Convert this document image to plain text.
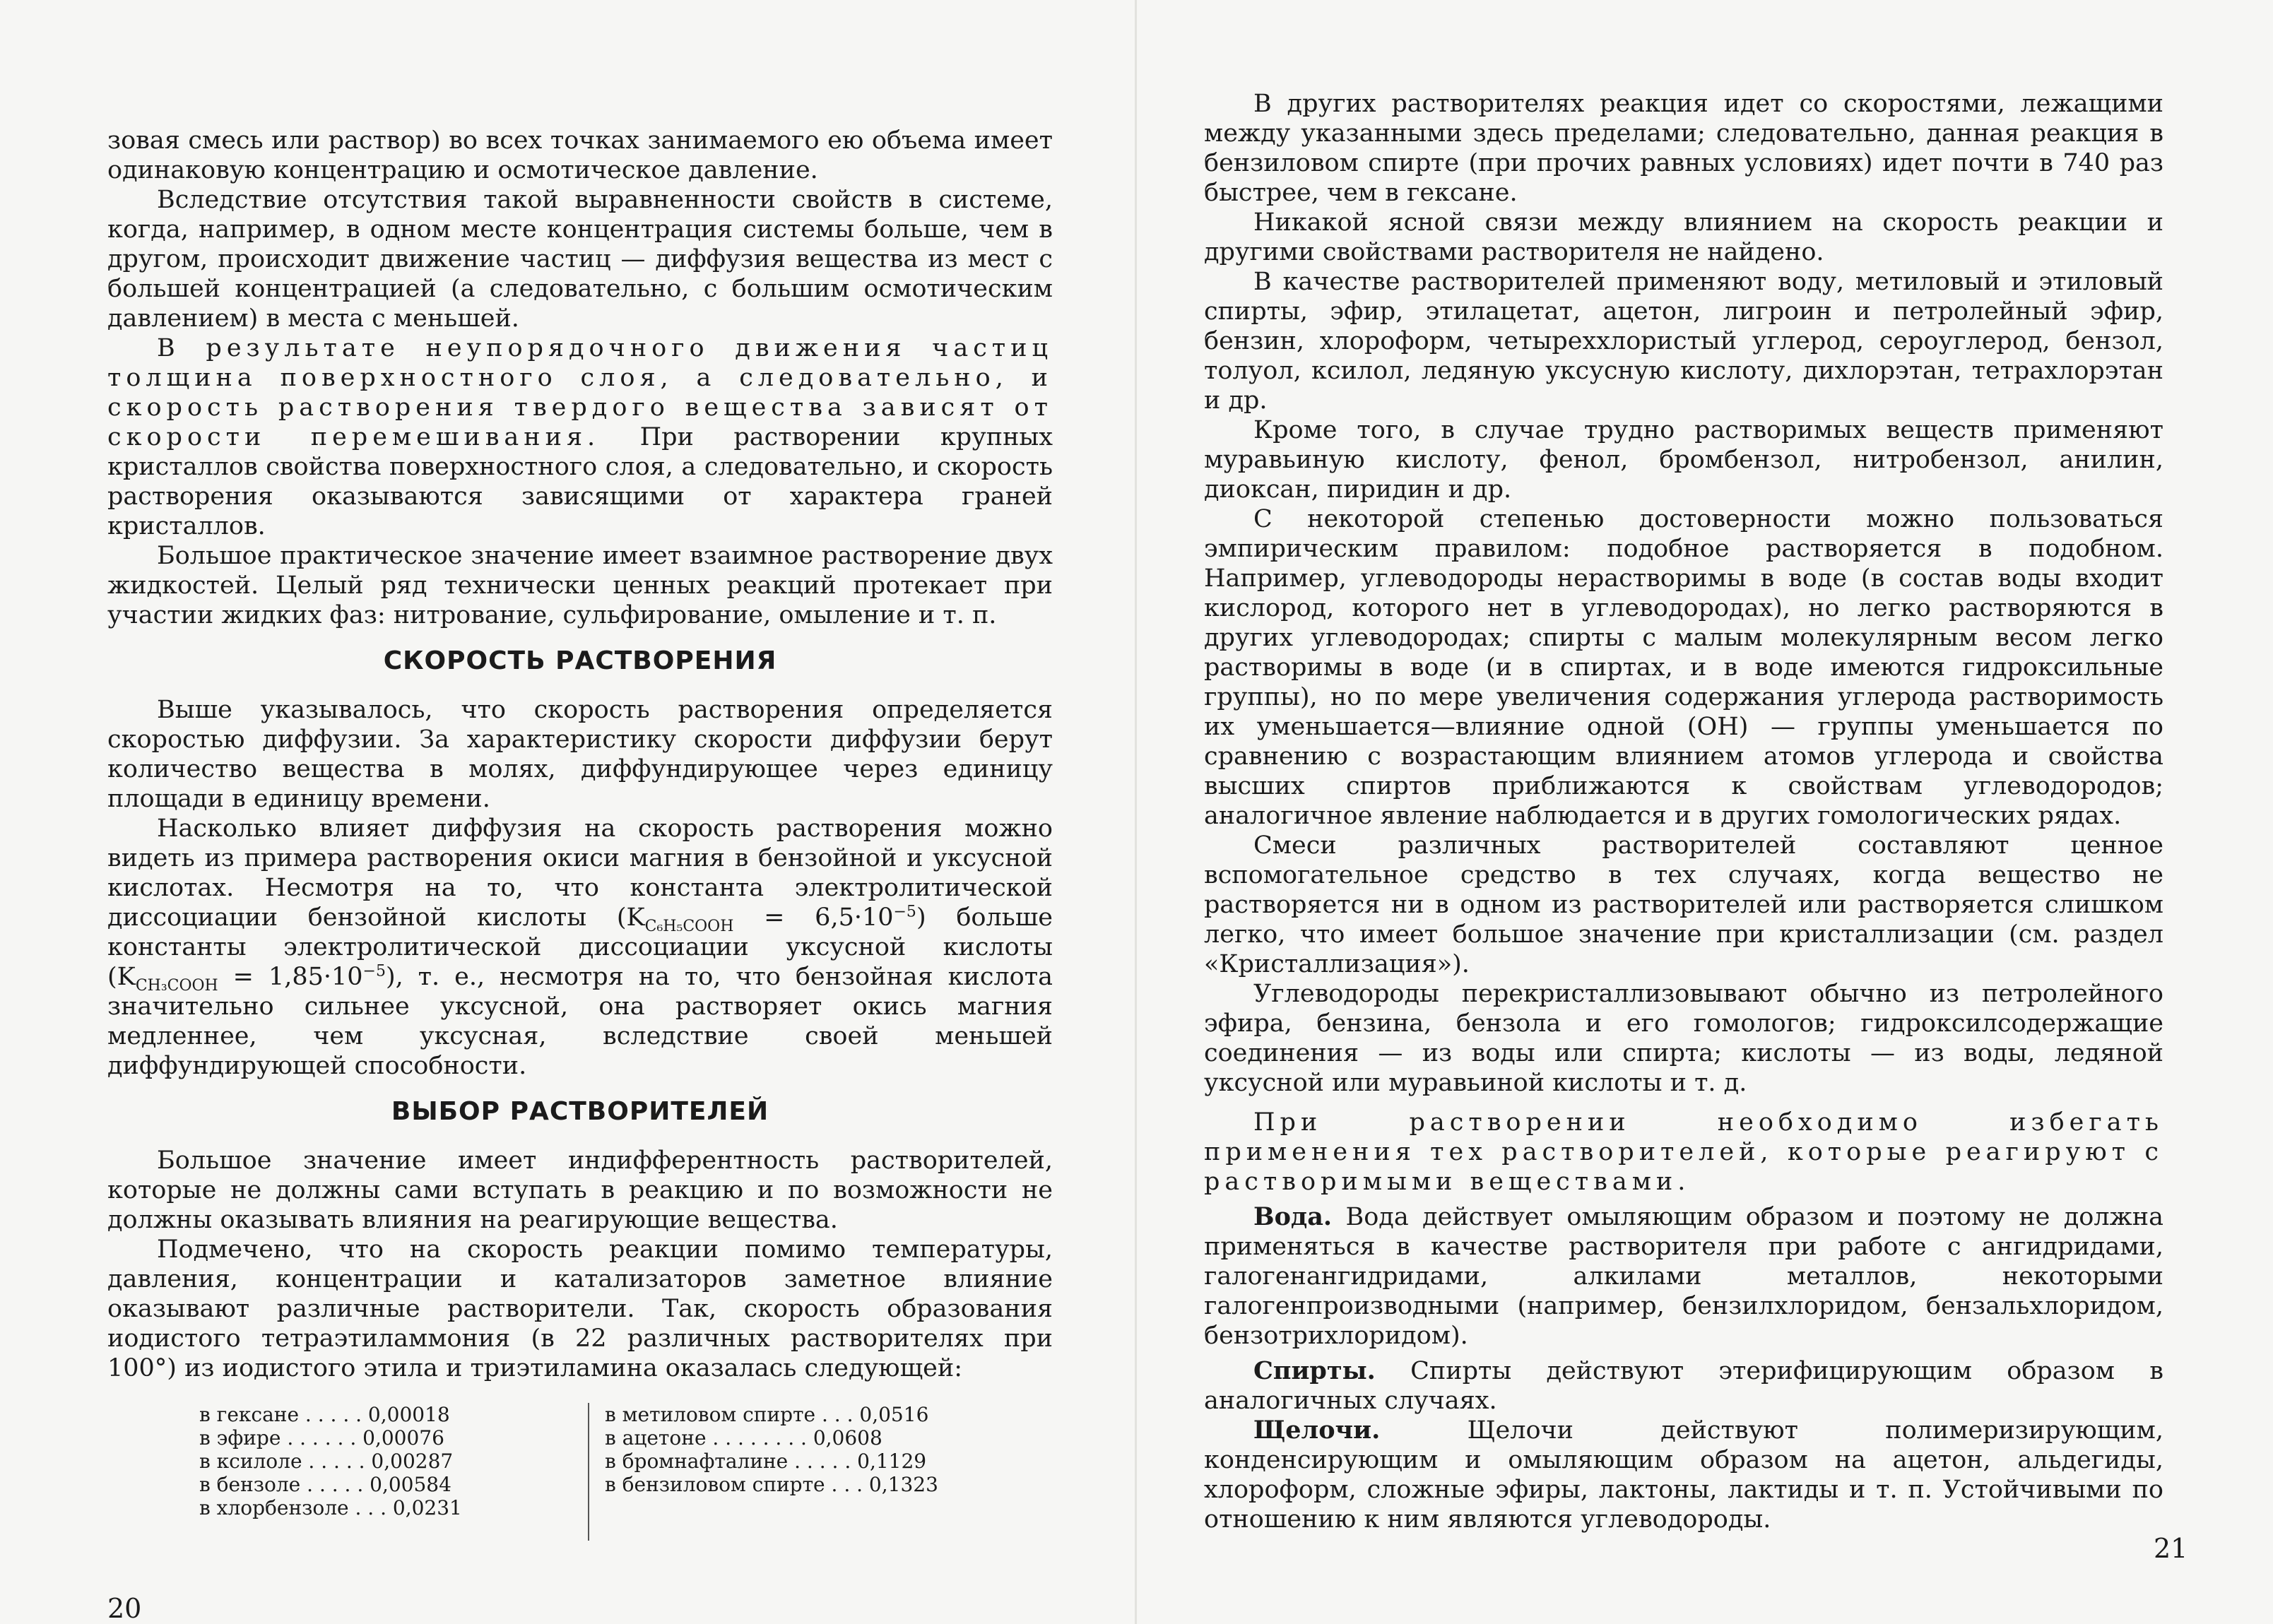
зовая смесь или раствор) во всех точках занимаемого ею объема имеет одинаковую концентрацию и осмотическое давление.

Вследствие отсутствия такой выравненности свойств в системе, когда, например, в одном месте концентрация системы больше, чем в другом, происходит движение частиц — диффузия вещества из мест с большей концентрацией (а следовательно, с большим осмотическим давлением) в места с меньшей.

В результате неупорядочного движения частиц толщина поверхностного слоя, а следовательно, и скорость растворения твердого вещества зависят от скорости перемешивания. При растворении крупных кристаллов свойства поверхностного слоя, а следовательно, и скорость растворения оказываются зависящими от характера граней кристаллов.

Большое практическое значение имеет взаимное растворение двух жидкостей. Целый ряд технически ценных реакций протекает при участии жидких фаз: нитрование, сульфирование, омыление и т. п.

СКОРОСТЬ РАСТВОРЕНИЯ

Выше указывалось, что скорость растворения определяется скоростью диффузии. За характеристику скорости диффузии берут количество вещества в молях, диффундирующее через единицу площади в единицу времени.

Насколько влияет диффузия на скорость растворения можно видеть из примера растворения окиси магния в бензойной и уксусной кислотах. Несмотря на то, что константа электролитической диссоциации бензойной кислоты $(K_{C_6H_5COOH} = 6,5\cdot 10^{-5})$ больше константы электролитической диссоциации уксусной кислоты $(K_{CH_3COOH} = 1,85\cdot 10^{-5})$, т. е., несмотря на то, что бензойная кислота значительно сильнее уксусной, она растворяет окись магния медленнее, чем уксусная, вследствие своей меньшей диффундирующей способности.

ВЫБОР РАСТВОРИТЕЛЕЙ

Большое значение имеет индифферентность растворителей, которые не должны сами вступать в реакцию и по возможности не должны оказывать влияния на реагирующие вещества.

Подмечено, что на скорость реакции помимо температуры, давления, концентрации и катализаторов заметное влияние оказывают различные растворители. Так, скорость образования иодистого тетраэтиламмония (в 22 различных растворителях при 100°) из иодистого этила и триэтиламина оказалась следующей:

в гексане . . . . . 0,00018
в эфире . . . . . . 0,00076
в ксилоле . . . . . 0,00287
в бензоле . . . . . 0,00584
в хлорбензоле . . . 0,0231
в метиловом спирте . . . 0,0516
в ацетоне . . . . . . . . 0,0608
в бромнафталине . . . . . 0,1129
в бензиловом спирте . . . 0,1323
20

В других растворителях реакция идет со скоростями, лежащими между указанными здесь пределами; следовательно, данная реакция в бензиловом спирте (при прочих равных условиях) идет почти в 740 раз быстрее, чем в гексане.

Никакой ясной связи между влиянием на скорость реакции и другими свойствами растворителя не найдено.

В качестве растворителей применяют воду, метиловый и этиловый спирты, эфир, этилацетат, ацетон, лигроин и петролейный эфир, бензин, хлороформ, четыреххлористый углерод, сероуглерод, бензол, толуол, ксилол, ледяную уксусную кислоту, дихлорэтан, тетрахлорэтан и др.

Кроме того, в случае трудно растворимых веществ применяют муравьиную кислоту, фенол, бромбензол, нитробензол, анилин, диоксан, пиридин и др.

С некоторой степенью достоверности можно пользоваться эмпирическим правилом: подобное растворяется в подобном. Например, углеводороды нерастворимы в воде (в состав воды входит кислород, которого нет в углеводородах), но легко растворяются в других углеводородах; спирты с малым молекулярным весом легко растворимы в воде (и в спиртах, и в воде имеются гидроксильные группы), но по мере увеличения содержания углерода растворимость их уменьшается—влияние одной (ОН) — группы уменьшается по сравнению с возрастающим влиянием атомов углерода и свойства высших спиртов приближаются к свойствам углеводородов; аналогичное явление наблюдается и в других гомологических рядах.

Смеси различных растворителей составляют ценное вспомогательное средство в тех случаях, когда вещество не растворяется ни в одном из растворителей или растворяется слишком легко, что имеет большое значение при кристаллизации (см. раздел «Кристаллизация»).

Углеводороды перекристаллизовывают обычно из петролейного эфира, бензина, бензола и его гомологов; гидроксилсодержащие соединения — из воды или спирта; кислоты — из воды, ледяной уксусной или муравьиной кислоты и т. д.

При растворении необходимо избегать применения тех растворителей, которые реагируют с растворимыми веществами.

Вода. Вода действует омыляющим образом и поэтому не должна применяться в качестве растворителя при работе с ангидридами, галогенангидридами, алкилами металлов, некоторыми галогенпроизводными (например, бензилхлоридом, бензальхлоридом, бензотрихлоридом).

Спирты. Спирты действуют этерифицирующим образом в аналогичных случаях.

Щелочи. Щелочи действуют полимеризирующим, конденсирующим и омыляющим образом на ацетон, альдегиды, хлороформ, сложные эфиры, лактоны, лактиды и т. п. Устойчивыми по отношению к ним являются углеводороды.

21
